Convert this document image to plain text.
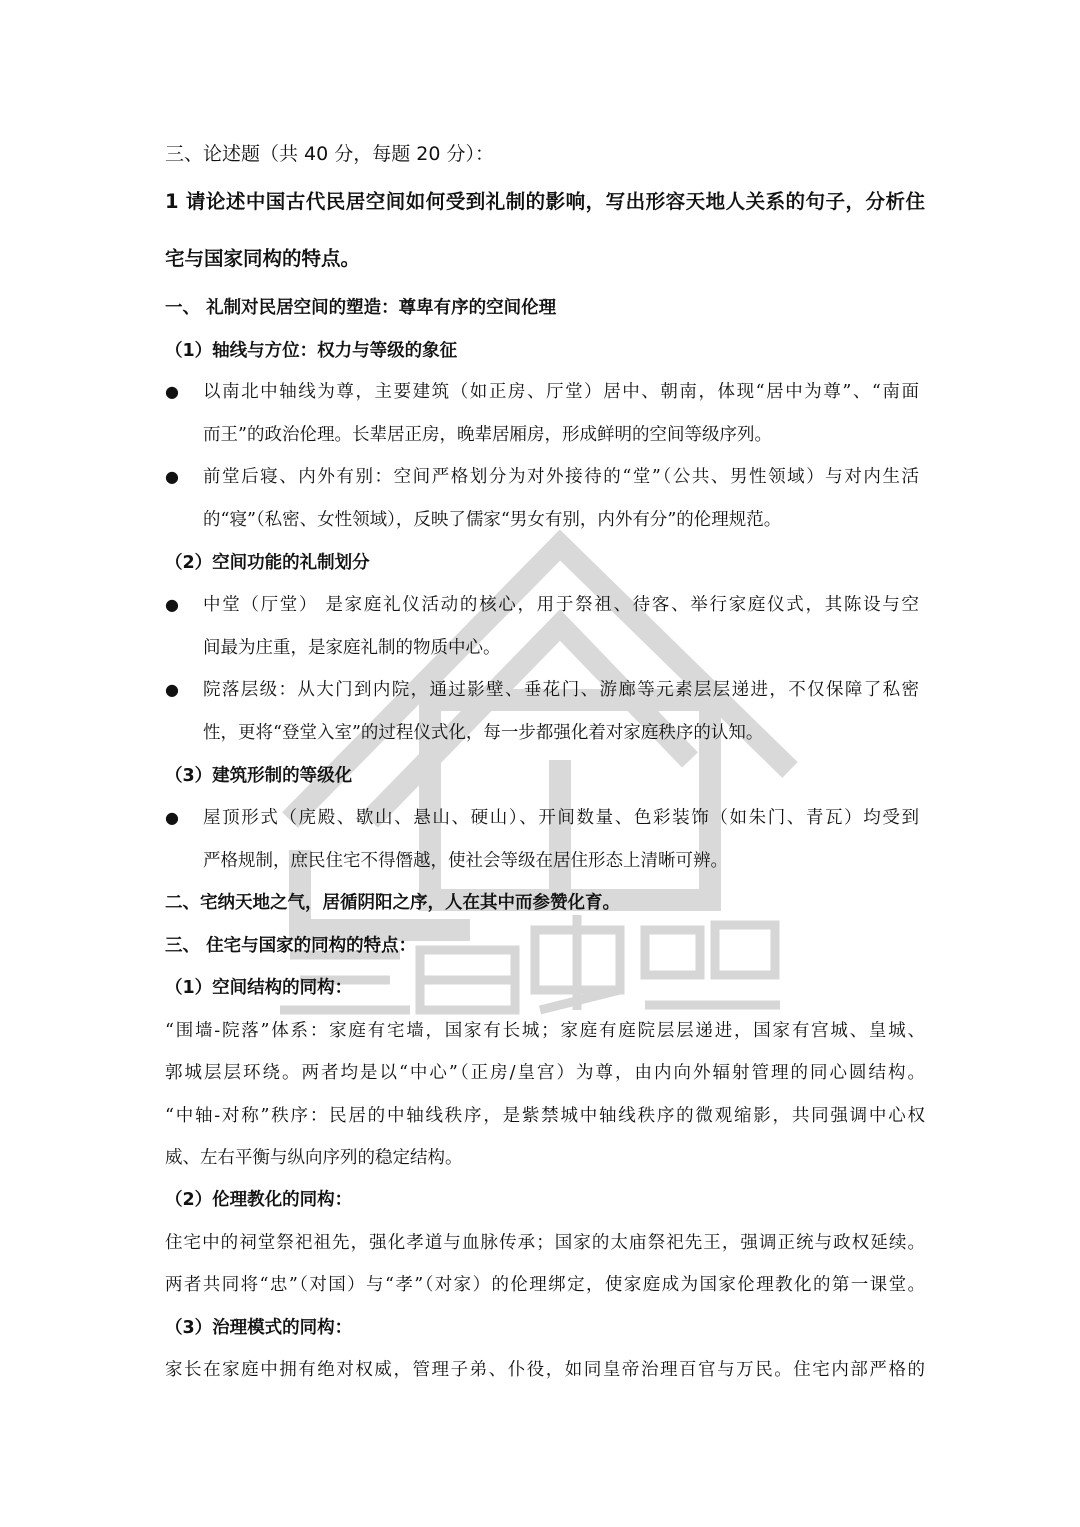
三、论述题（共 40 分，每题 20 分）：
1 请论述中国古代民居空间如何受到礼制的影响，写出形容天地人关系的句子，分析住
宅与国家同构的特点。
一、 礼制对民居空间的塑造：尊卑有序的空间伦理
（1）轴线与方位：权力与等级的象征
● 以南北中轴线为尊，主要建筑（如正房、厅堂）居中、朝南，体现“居中为尊”、“南面
而王”的政治伦理。长辈居正房，晚辈居厢房，形成鲜明的空间等级序列。
● 前堂后寝、内外有别：空间严格划分为对外接待的“堂”（公共、男性领域）与对内生活
的“寝”（私密、女性领域），反映了儒家“男女有别，内外有分”的伦理规范。
（2）空间功能的礼制划分
● 中堂（厅堂） 是家庭礼仪活动的核心，用于祭祖、待客、举行家庭仪式，其陈设与空
间最为庄重，是家庭礼制的物质中心。
● 院落层级：从大门到内院，通过影壁、垂花门、游廊等元素层层递进，不仅保障了私密
性，更将“登堂入室”的过程仪式化，每一步都强化着对家庭秩序的认知。
（3）建筑形制的等级化
● 屋顶形式（庑殿、歇山、悬山、硬山）、开间数量、色彩装饰（如朱门、青瓦）均受到
严格规制，庶民住宅不得僭越，使社会等级在居住形态上清晰可辨。
二、宅纳天地之气，居循阴阳之序，人在其中而参赞化育。
三、 住宅与国家的同构的特点：
（1）空间结构的同构：
“围墙-院落”体系：家庭有宅墙，国家有长城；家庭有庭院层层递进，国家有宫城、皇城、
郭城层层环绕。两者均是以“中心”（正房/皇宫）为尊，由内向外辐射管理的同心圆结构。
“中轴-对称”秩序：民居的中轴线秩序，是紫禁城中轴线秩序的微观缩影，共同强调中心权
威、左右平衡与纵向序列的稳定结构。
（2）伦理教化的同构：
住宅中的祠堂祭祀祖先，强化孝道与血脉传承；国家的太庙祭祀先王，强调正统与政权延续。
两者共同将“忠”（对国）与“孝”（对家）的伦理绑定，使家庭成为国家伦理教化的第一课堂。
（3）治理模式的同构：
家长在家庭中拥有绝对权威，管理子弟、仆役，如同皇帝治理百官与万民。住宅内部严格的
